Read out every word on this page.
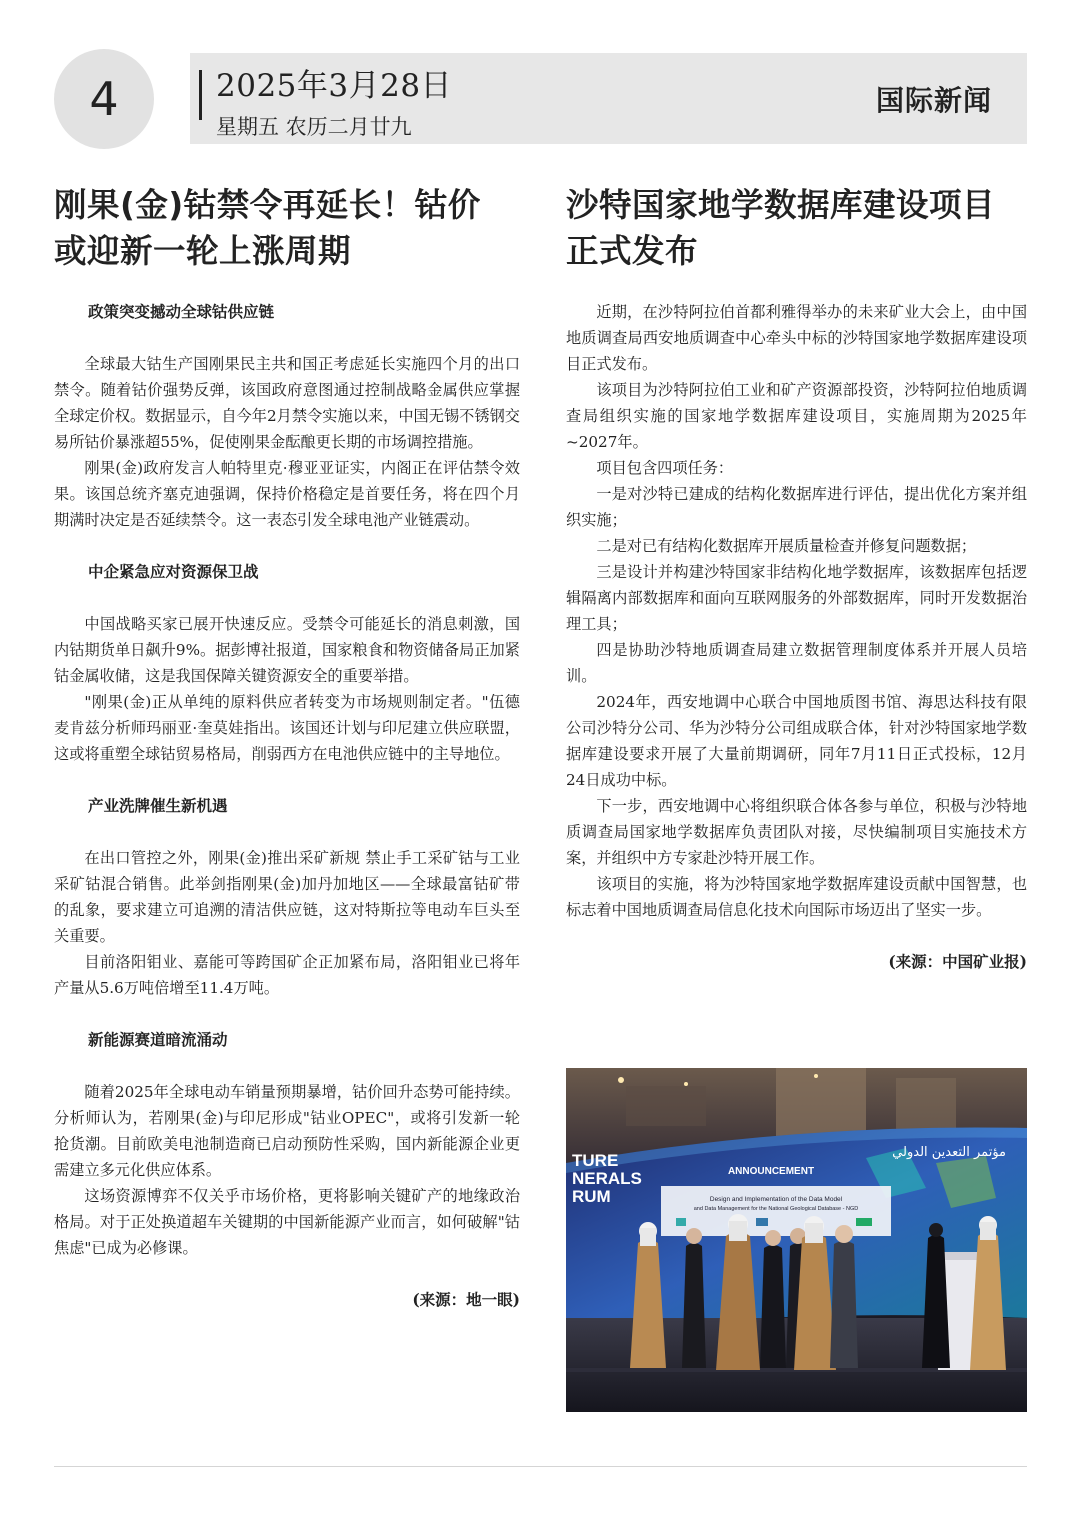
4	2025年3月28日
星期五 农历二月廿九
国际新闻
刚果(金)钴禁令再延长！钴价
或迎新一轮上涨周期
政策突变撼动全球钴供应链

全球最大钴生产国刚果民主共和国正考虑延长实施四个月的出口禁令。随着钴价强势反弹，该国政府意图通过控制战略金属供应掌握全球定价权。数据显示，自今年2月禁令实施以来，中国无锡不锈钢交易所钴价暴涨超55%，促使刚果金酝酿更长期的市场调控措施。

刚果(金)政府发言人帕特里克·穆亚亚证实，内阁正在评估禁令效果。该国总统齐塞克迪强调，保持价格稳定是首要任务，将在四个月期满时决定是否延续禁令。这一表态引发全球电池产业链震动。

中企紧急应对资源保卫战

中国战略买家已展开快速反应。受禁令可能延长的消息刺激，国内钴期货单日飙升9%。据彭博社报道，国家粮食和物资储备局正加紧钴金属收储，这是我国保障关键资源安全的重要举措。

"刚果(金)正从单纯的原料供应者转变为市场规则制定者。"伍德麦肯兹分析师玛丽亚·奎莫娃指出。该国还计划与印尼建立供应联盟，这或将重塑全球钴贸易格局，削弱西方在电池供应链中的主导地位。

产业洗牌催生新机遇

在出口管控之外，刚果(金)推出采矿新规 禁止手工采矿钴与工业采矿钴混合销售。此举剑指刚果(金)加丹加地区——全球最富钴矿带的乱象，要求建立可追溯的清洁供应链，这对特斯拉等电动车巨头至关重要。

目前洛阳钼业、嘉能可等跨国矿企正加紧布局，洛阳钼业已将年产量从5.6万吨倍增至11.4万吨。

新能源赛道暗流涌动

随着2025年全球电动车销量预期暴增，钴价回升态势可能持续。分析师认为，若刚果(金)与印尼形成"钴业OPEC"，或将引发新一轮抢货潮。目前欧美电池制造商已启动预防性采购，国内新能源企业更需建立多元化供应体系。

这场资源博弈不仅关乎市场价格，更将影响关键矿产的地缘政治格局。对于正处换道超车关键期的中国新能源产业而言，如何破解"钴焦虑"已成为必修课。

(来源：地一眼)
沙特国家地学数据库建设项目
正式发布

近期，在沙特阿拉伯首都利雅得举办的未来矿业大会上，由中国地质调查局西安地质调查中心牵头中标的沙特国家地学数据库建设项目正式发布。

该项目为沙特阿拉伯工业和矿产资源部投资，沙特阿拉伯地质调查局组织实施的国家地学数据库建设项目，实施周期为2025年~2027年。

项目包含四项任务：

一是对沙特已建成的结构化数据库进行评估，提出优化方案并组织实施；

二是对已有结构化数据库开展质量检查并修复问题数据；

三是设计并构建沙特国家非结构化地学数据库，该数据库包括逻辑隔离内部数据库和面向互联网服务的外部数据库，同时开发数据治理工具；

四是协助沙特地质调查局建立数据管理制度体系并开展人员培训。

2024年，西安地调中心联合中国地质图书馆、海思达科技有限公司沙特分公司、华为沙特分公司组成联合体，针对沙特国家地学数据库建设要求开展了大量前期调研，同年7月11日正式投标，12月24日成功中标。

下一步，西安地调中心将组织联合体各参与单位，积极与沙特地质调查局国家地学数据库负责团队对接，尽快编制项目实施技术方案，并组织中方专家赴沙特开展工作。

该项目的实施，将为沙特国家地学数据库建设贡献中国智慧，也标志着中国地质调查局信息化技术向国际市场迈出了坚实一步。

(来源：中国矿业报)
TURE
NERALS
RUM
مؤتمر التعدين الدولي
ANNOUNCEMENT
Design and Implementation of the Data Model
and Data Management for the National Geological Database - NGD
